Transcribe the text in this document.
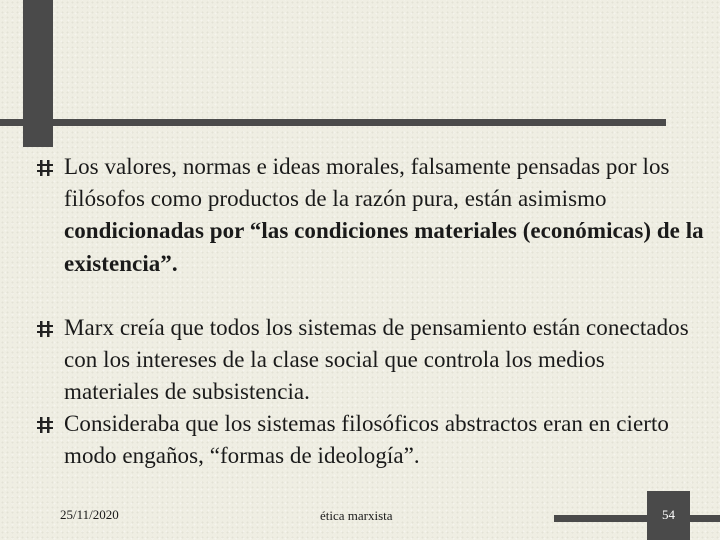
Los valores, normas e ideas morales, falsamente pensadas por los filósofos como productos de la razón pura, están asimismo condicionadas por “las condiciones materiales (económicas) de la existencia”.
Marx creía que todos los sistemas de pensamiento están conectados con los intereses de la clase social que controla los medios materiales de subsistencia.
Consideraba que los sistemas filosóficos abstractos eran en cierto modo engaños, “formas de ideología”.
25/11/2020	ética marxista	54
